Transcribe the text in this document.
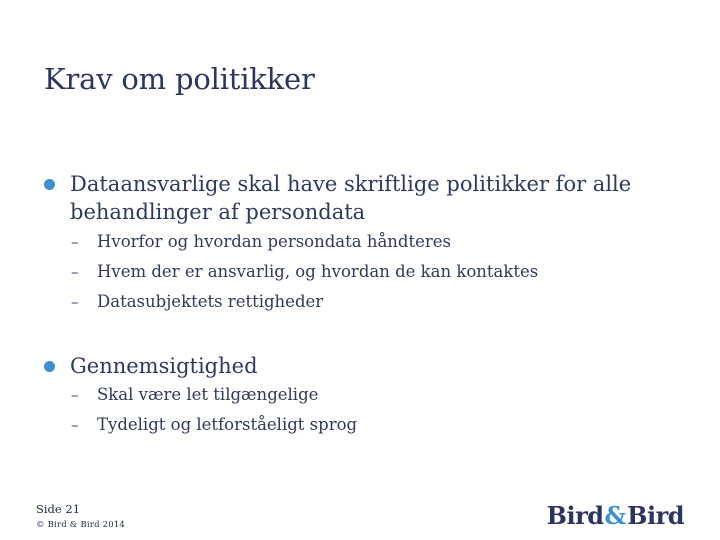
Krav om politikker
Dataansvarlige skal have skriftlige politikker for alle behandlinger af persondata
–	Hvorfor og hvordan persondata håndteres
–	Hvem der er ansvarlig, og hvordan de kan kontaktes
–	Datasubjektets rettigheder
Gennemsigtighed
–	Skal være let tilgængelige
–	Tydeligt og letforståeligt sprog
Side 21
© Bird & Bird 2014	Bird & Bird
